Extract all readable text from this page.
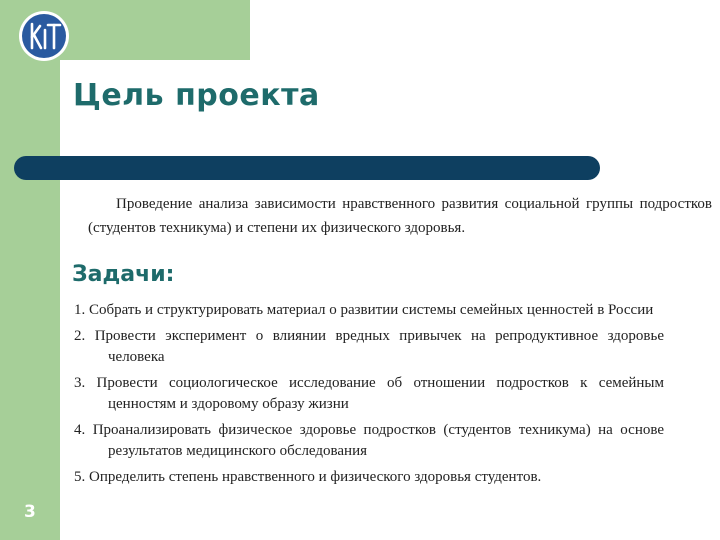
Цель проекта

Проведение анализа зависимости нравственного развития социальной группы подростков (студентов техникума) и степени их физического здоровья.

Задачи:
1. Собрать и структурировать материал о развитии системы семейных ценностей в России
2. Провести эксперимент о влиянии вредных привычек на репродуктивное здоровье человека
3. Провести социологическое исследование об отношении подростков к семейным ценностям и здоровому образу жизни
4. Проанализировать физическое здоровье подростков (студентов техникума) на основе результатов медицинского обследования
5. Определить степень нравственного и физического здоровья студентов.
3
